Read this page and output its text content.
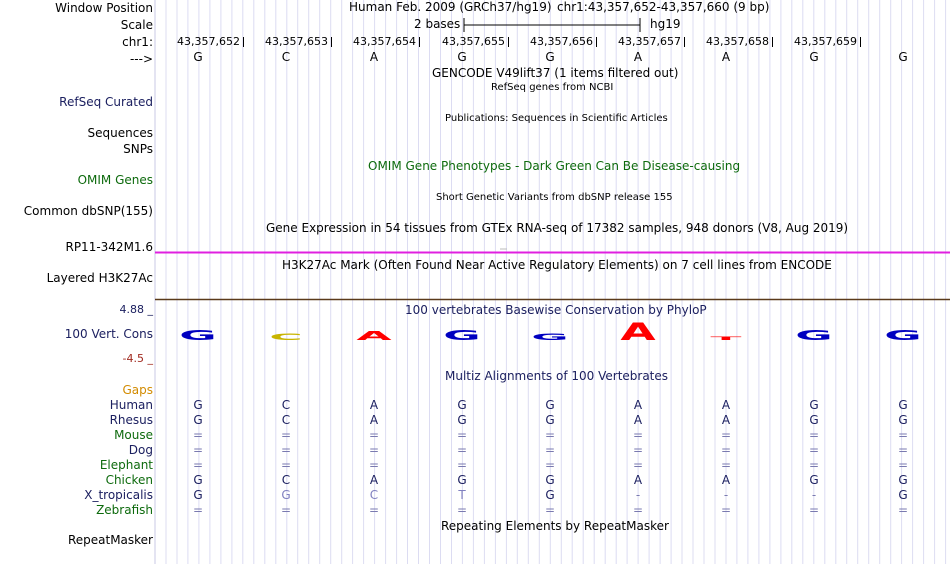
Window Position
Scale
chr1:
--->
RefSeq Curated
Sequences
SNPs
OMIM Genes
Common dbSNP(155)
RP11-342M1.6
Layered H3K27Ac
4.88 _
100 Vert. Cons
-4.5 _
Gaps
RepeatMasker
Human Feb. 2009 (GRCh37/hg19) chr1:43,357,652-43,357,660 (9 bp)
2 bases	hg19
GENCODE V49lift37 (1 items filtered out)
RefSeq genes from NCBI
Publications: Sequences in Scientific Articles
OMIM Gene Phenotypes - Dark Green Can Be Disease-causing
Short Genetic Variants from dbSNP release 155
Gene Expression in 54 tissues from GTEx RNA-seq of 17382 samples, 948 donors (V8, Aug 2019)
H3K27Ac Mark (Often Found Near Active Regulatory Elements) on 7 cell lines from ENCODE
100 vertebrates Basewise Conservation by PhyloP
G C A G G A T G G
Multiz Alignments of 100 Vertebrates
Repeating Elements by RepeatMasker
43,357,652 43,357,653 43,357,654 43,357,655 43,357,656 43,357,657 43,357,658 43,357,659
G	C	A	G	G	A	A	G	G
Human	G	C	A	G	G	A	A	G	G
Rhesus	G	C	A	G	G	A	A	G	G
Mouse	=	=	=	=	=	=	=	=	=
Dog	=	=	=	=	=	=	=	=	=
Elephant	=	=	=	=	=	=	=	=	=
Chicken	G	C	A	G	G	A	A	G	G
X_tropicalis	G	G	C	T	G	-	-	-	G
Zebrafish	=	=	=	=	=	=	=	=	=
